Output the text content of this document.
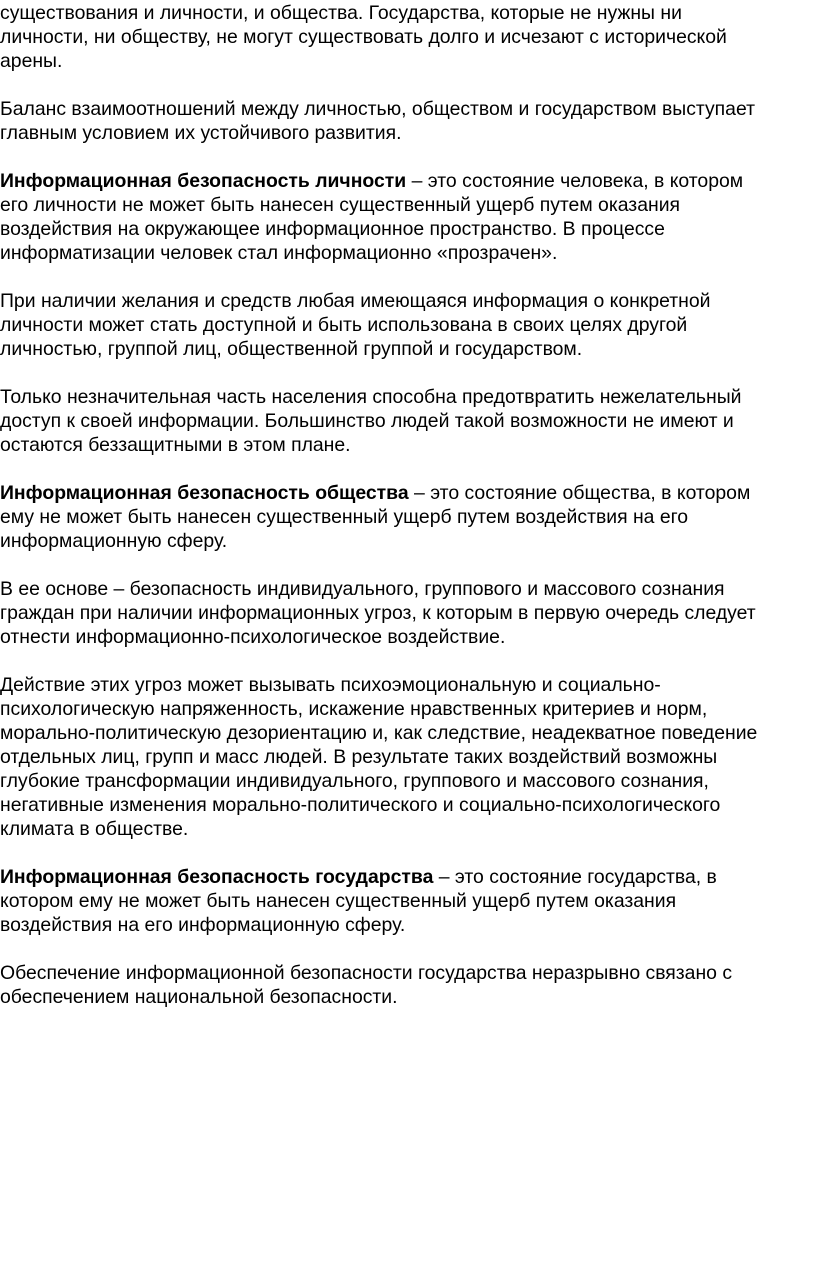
существования и личности, и общества. Государства, которые не нужны ни
личности, ни обществу, не могут существовать долго и исчезают с исторической
арены.
Баланс взаимоотношений между личностью, обществом и государством выступает
главным условием их устойчивого развития.
Информационная безопасность личности – это состояние человека, в котором
его личности не может быть нанесен существенный ущерб путем оказания
воздействия на окружающее информационное пространство. В процессе
информатизации человек стал информационно «прозрачен».
При наличии желания и средств любая имеющаяся информация о конкретной
личности может стать доступной и быть использована в своих целях другой
личностью, группой лиц, общественной группой и государством.
Только незначительная часть населения способна предотвратить нежелательный
доступ к своей информации. Большинство людей такой возможности не имеют и
остаются беззащитными в этом плане.
Информационная безопасность общества – это состояние общества, в котором
ему не может быть нанесен существенный ущерб путем воздействия на его
информационную сферу.
В ее основе – безопасность индивидуального, группового и массового сознания
граждан при наличии информационных угроз, к которым в первую очередь следует
отнести информационно-психологическое воздействие.
Действие этих угроз может вызывать психоэмоциональную и социально-
психологическую напряженность, искажение нравственных критериев и норм,
морально-политическую дезориентацию и, как следствие, неадекватное поведение
отдельных лиц, групп и масс людей. В результате таких воздействий возможны
глубокие трансформации индивидуального, группового и массового сознания,
негативные изменения морально-политического и социально-психологического
климата в обществе.
Информационная безопасность государства – это состояние государства, в
котором ему не может быть нанесен существенный ущерб путем оказания
воздействия на его информационную сферу.
Обеспечение информационной безопасности государства неразрывно связано с
обеспечением национальной безопасности.
